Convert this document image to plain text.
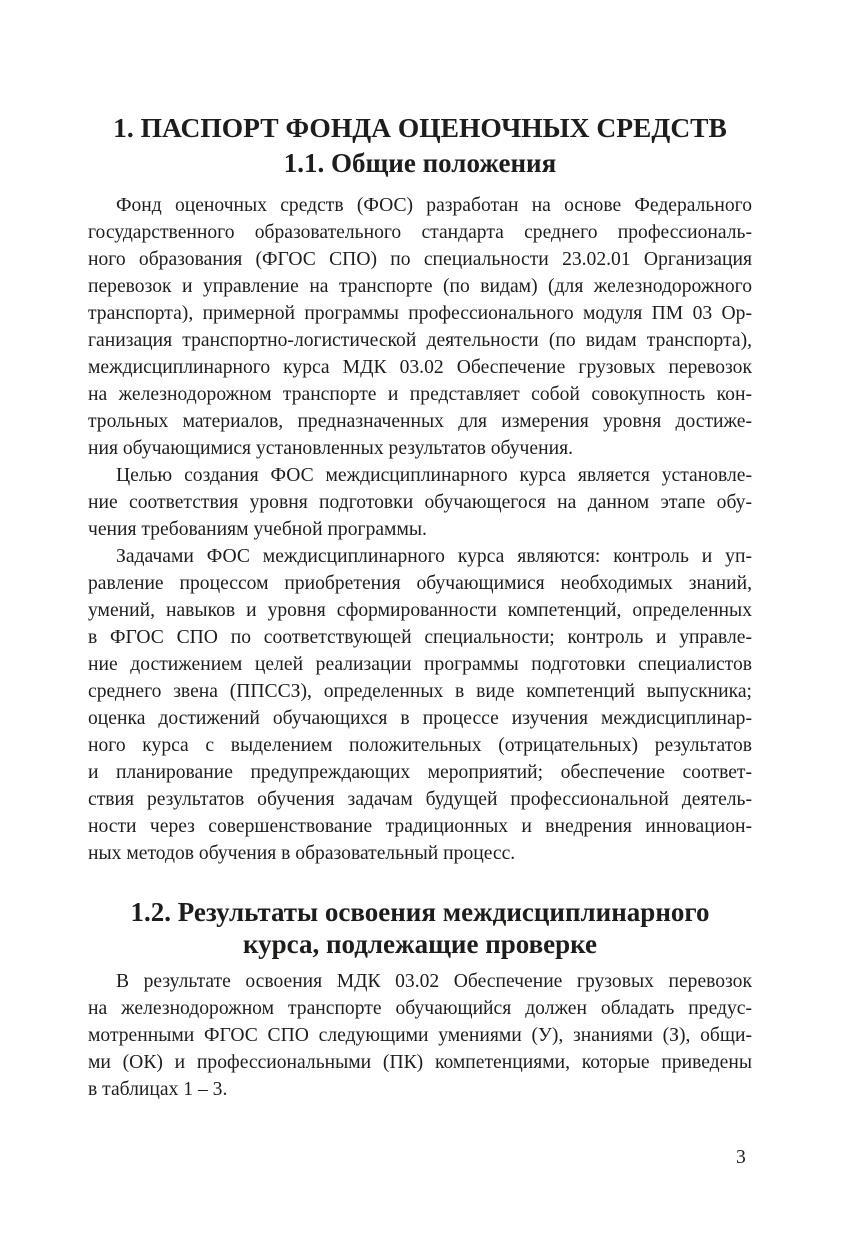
1. ПАСПОРТ ФОНДА ОЦЕНОЧНЫХ СРЕДСТВ
1.1. Общие положения
Фонд оценочных средств (ФОС) разработан на основе Федерального
государственного образовательного стандарта среднего профессиональ-
ного образования (ФГОС СПО) по специальности 23.02.01 Организация
перевозок и управление на транспорте (по видам) (для железнодорожного
транспорта), примерной программы профессионального модуля ПМ 03 Ор-
ганизация транспортно-логистической деятельности (по видам транспорта),
междисциплинарного курса МДК 03.02 Обеспечение грузовых перевозок
на железнодорожном транспорте и представляет собой совокупность кон-
трольных материалов, предназначенных для измерения уровня достиже-
ния обучающимися установленных результатов обучения.
Целью создания ФОС междисциплинарного курса является установле-
ние соответствия уровня подготовки обучающегося на данном этапе обу-
чения требованиям учебной программы.
Задачами ФОС междисциплинарного курса являются: контроль и уп-
равление процессом приобретения обучающимися необходимых знаний,
умений, навыков и уровня сформированности компетенций, определенных
в ФГОС СПО по соответствующей специальности; контроль и управле-
ние достижением целей реализации программы подготовки специалистов
среднего звена (ППССЗ), определенных в виде компетенций выпускника;
оценка достижений обучающихся в процессе изучения междисциплинар-
ного курса с выделением положительных (отрицательных) результатов
и планирование предупреждающих мероприятий; обеспечение соответ-
ствия результатов обучения задачам будущей профессиональной деятель-
ности через совершенствование традиционных и внедрения инновацион-
ных методов обучения в образовательный процесс.
1.2. Результаты освоения междисциплинарного
курса, подлежащие проверке
В результате освоения МДК 03.02 Обеспечение грузовых перевозок
на железнодорожном транспорте обучающийся должен обладать предус-
мотренными ФГОС СПО следующими умениями (У), знаниями (З), общи-
ми (ОК) и профессиональными (ПК) компетенциями, которые приведены
в таблицах 1 – 3.
3
